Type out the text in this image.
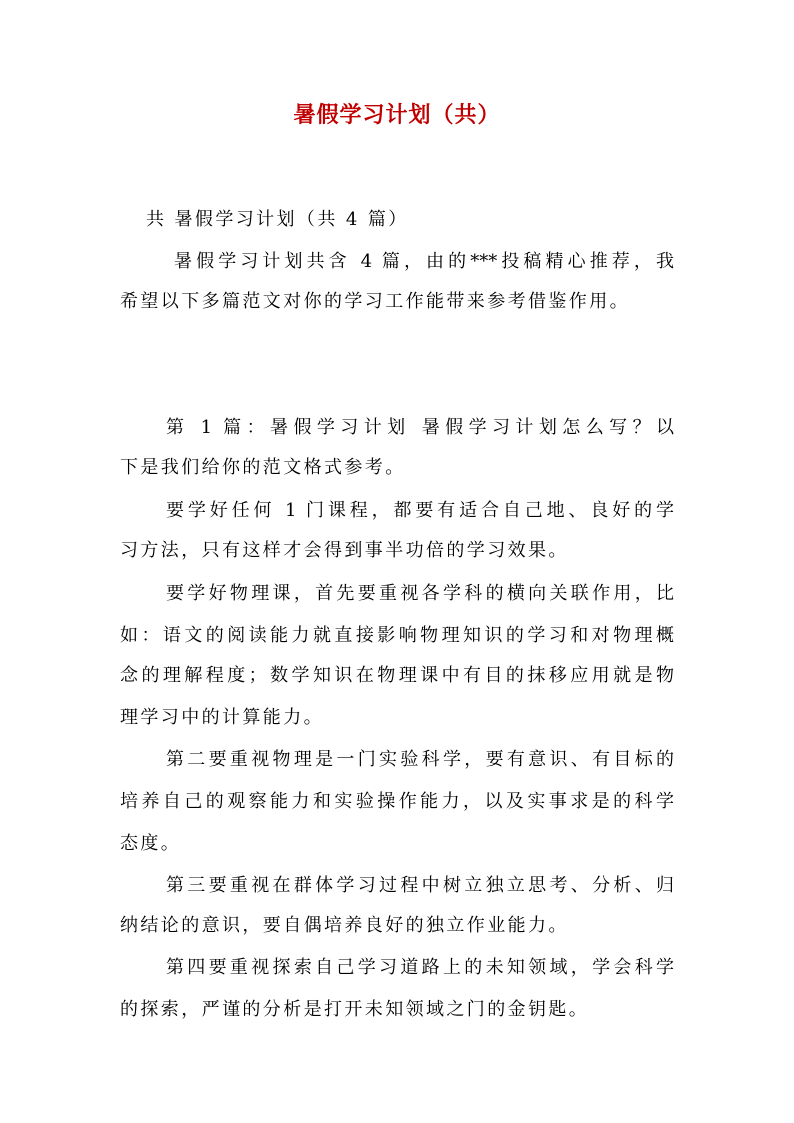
暑假学习计划（共）
共 暑假学习计划（共 4 篇）
暑假学习计划共含 4 篇，由的***投稿精心推荐，我
希望以下多篇范文对你的学习工作能带来参考借鉴作用。
第 1 篇：暑假学习计划 暑假学习计划怎么写？以
下是我们给你的范文格式参考。
要学好任何 1 门课程，都要有适合自己地、良好的学
习方法，只有这样才会得到事半功倍的学习效果。
要学好物理课，首先要重视各学科的横向关联作用，比
如：语文的阅读能力就直接影响物理知识的学习和对物理概
念的理解程度；数学知识在物理课中有目的抹移应用就是物
理学习中的计算能力。
第二要重视物理是一门实验科学，要有意识、有目标的
培养自己的观察能力和实验操作能力，以及实事求是的科学
态度。
第三要重视在群体学习过程中树立独立思考、分析、归
纳结论的意识，要自偶培养良好的独立作业能力。
第四要重视探索自己学习道路上的未知领域，学会科学
的探索，严谨的分析是打开未知领域之门的金钥匙。
